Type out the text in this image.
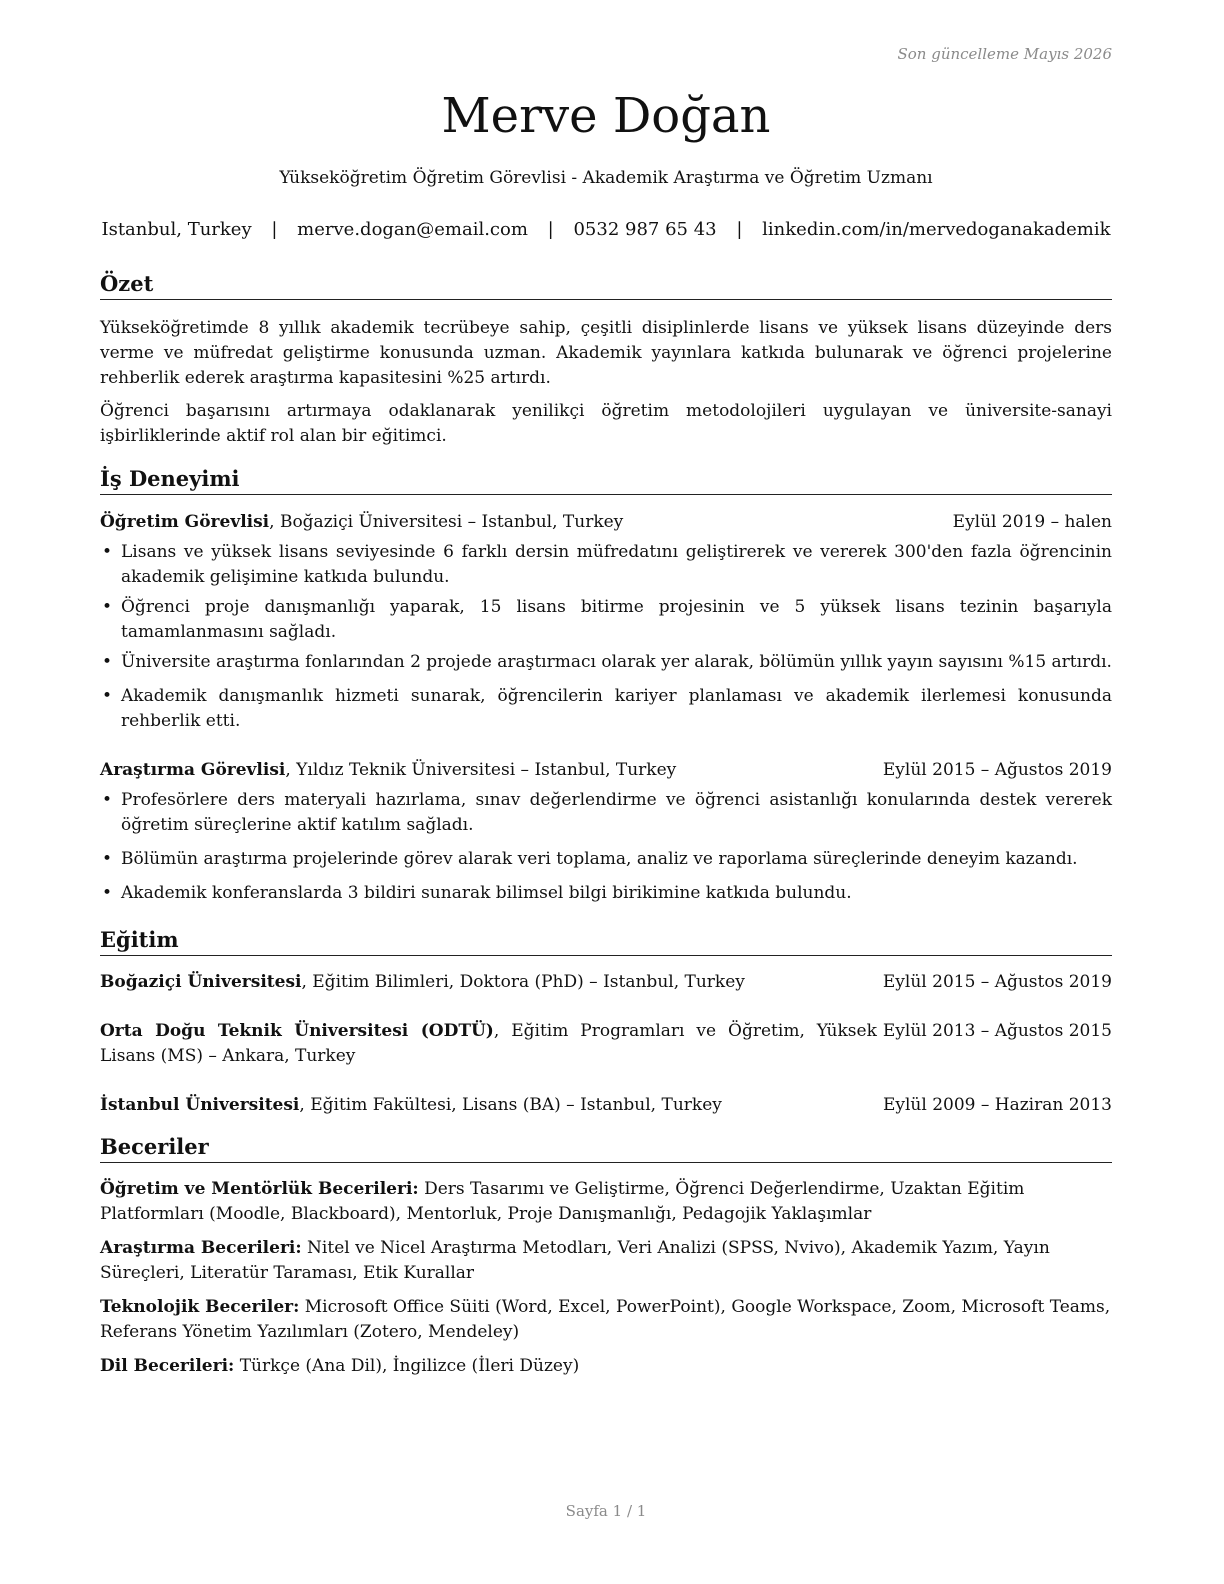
Son güncelleme Mayıs 2026
Merve Doğan
Yükseköğretim Öğretim Görevlisi - Akademik Araştırma ve Öğretim Uzmanı
Istanbul, Turkey | merve.dogan@email.com | 0532 987 65 43 | linkedin.com/in/mervedoganakademik
Özet

Yükseköğretimde 8 yıllık akademik tecrübeye sahip, çeşitli disiplinlerde lisans ve yüksek lisans düzeyinde ders verme ve müfredat geliştirme konusunda uzman. Akademik yayınlara katkıda bulunarak ve öğrenci projelerine rehberlik ederek araştırma kapasitesini %25 artırdı.

Öğrenci başarısını artırmaya odaklanarak yenilikçi öğretim metodolojileri uygulayan ve üniversite-sanayi işbirliklerinde aktif rol alan bir eğitimci.

İş Deneyimi
Öğretim Görevlisi, Boğaziçi Üniversitesi – Istanbul, Turkey	Eylül 2019 – halen
• Lisans ve yüksek lisans seviyesinde 6 farklı dersin müfredatını geliştirerek ve vererek 300'den fazla öğrencinin akademik gelişimine katkıda bulundu.
• Öğrenci proje danışmanlığı yaparak, 15 lisans bitirme projesinin ve 5 yüksek lisans tezinin başarıyla tamamlanmasını sağladı.
• Üniversite araştırma fonlarından 2 projede araştırmacı olarak yer alarak, bölümün yıllık yayın sayısını %15 artırdı.
• Akademik danışmanlık hizmeti sunarak, öğrencilerin kariyer planlaması ve akademik ilerlemesi konusunda rehberlik etti.
Araştırma Görevlisi, Yıldız Teknik Üniversitesi – Istanbul, Turkey	Eylül 2015 – Ağustos 2019
• Profesörlere ders materyali hazırlama, sınav değerlendirme ve öğrenci asistanlığı konularında destek vererek öğretim süreçlerine aktif katılım sağladı.
• Bölümün araştırma projelerinde görev alarak veri toplama, analiz ve raporlama süreçlerinde deneyim kazandı.
• Akademik konferanslarda 3 bildiri sunarak bilimsel bilgi birikimine katkıda bulundu.
Eğitim
Boğaziçi Üniversitesi, Eğitim Bilimleri, Doktora (PhD) – Istanbul, Turkey	Eylül 2015 – Ağustos 2019
Orta Doğu Teknik Üniversitesi (ODTÜ), Eğitim Programları ve Öğretim, Yüksek Lisans (MS) – Ankara, Turkey
Eylül 2013 – Ağustos 2015
İstanbul Üniversitesi, Eğitim Fakültesi, Lisans (BA) – Istanbul, Turkey	Eylül 2009 – Haziran 2013
Beceriler

Öğretim ve Mentörlük Becerileri: Ders Tasarımı ve Geliştirme, Öğrenci Değerlendirme, Uzaktan Eğitim Platformları (Moodle, Blackboard), Mentorluk, Proje Danışmanlığı, Pedagojik Yaklaşımlar

Araştırma Becerileri: Nitel ve Nicel Araştırma Metodları, Veri Analizi (SPSS, Nvivo), Akademik Yazım, Yayın Süreçleri, Literatür Taraması, Etik Kurallar

Teknolojik Beceriler: Microsoft Office Süiti (Word, Excel, PowerPoint), Google Workspace, Zoom, Microsoft Teams, Referans Yönetim Yazılımları (Zotero, Mendeley)

Dil Becerileri: Türkçe (Ana Dil), İngilizce (İleri Düzey)

Sayfa 1 / 1
